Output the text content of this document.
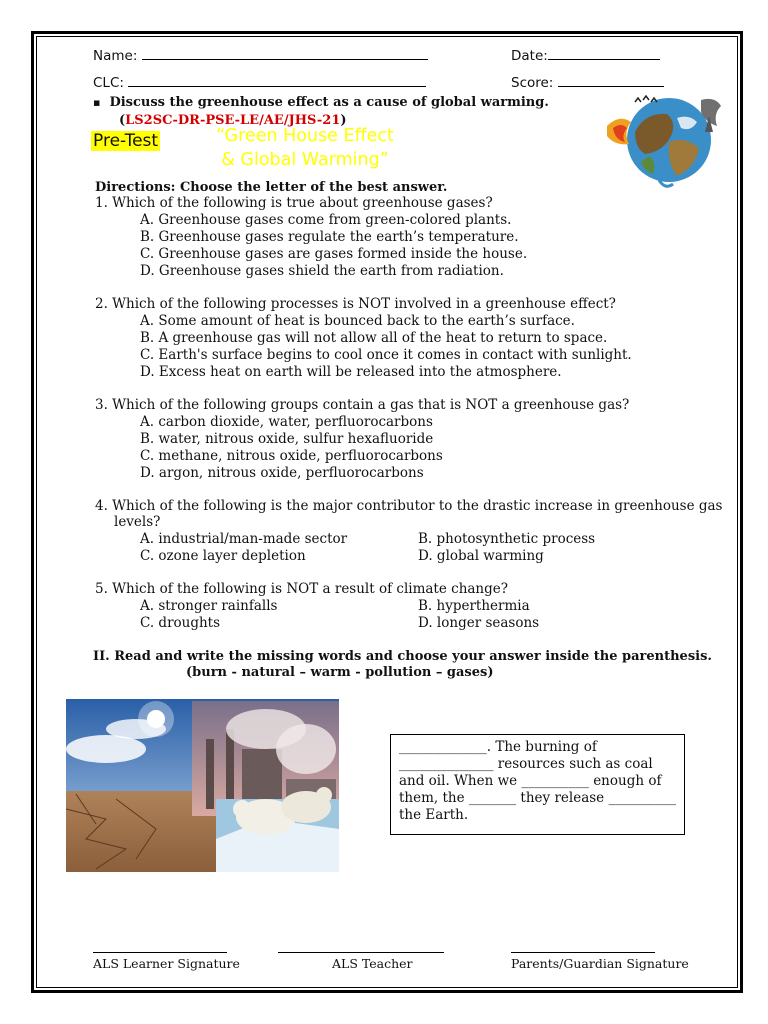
Name:	Date:
CLC:	Score:
▪ Discuss the greenhouse effect as a cause of global warming.
(LS2SC-DR-PSE-LE/AE/JHS-21)
Pre-Test	“Green House Effect & Global Warming”
Directions: Choose the letter of the best answer.
1. Which of the following is true about greenhouse gases?
A. Greenhouse gases come from green-colored plants.
B. Greenhouse gases regulate the earth’s temperature.
C. Greenhouse gases are gases formed inside the house.
D. Greenhouse gases shield the earth from radiation.
2. Which of the following processes is NOT involved in a greenhouse effect?
A. Some amount of heat is bounced back to the earth’s surface.
B. A greenhouse gas will not allow all of the heat to return to space.
C. Earth's surface begins to cool once it comes in contact with sunlight.
D. Excess heat on earth will be released into the atmosphere.
3. Which of the following groups contain a gas that is NOT a greenhouse gas?
A. carbon dioxide, water, perfluorocarbons
B. water, nitrous oxide, sulfur hexafluoride
C. methane, nitrous oxide, perfluorocarbons
D. argon, nitrous oxide, perfluorocarbons
4. Which of the following is the major contributor to the drastic increase in greenhouse gas
levels?
A. industrial/man-made sector	B. photosynthetic process
C. ozone layer depletion	D. global warming
5. Which of the following is NOT a result of climate change?
A. stronger rainfalls	B. hyperthermia
C. droughts	D. longer seasons
II. Read and write the missing words and choose your answer inside the parenthesis.
(burn - natural – warm - pollution – gases)
_____________. The burning of
______________ resources such as coal
and oil. When we __________ enough of
them, the _______ they release __________
the Earth.
ALS Learner Signature	ALS Teacher	Parents/Guardian Signature
